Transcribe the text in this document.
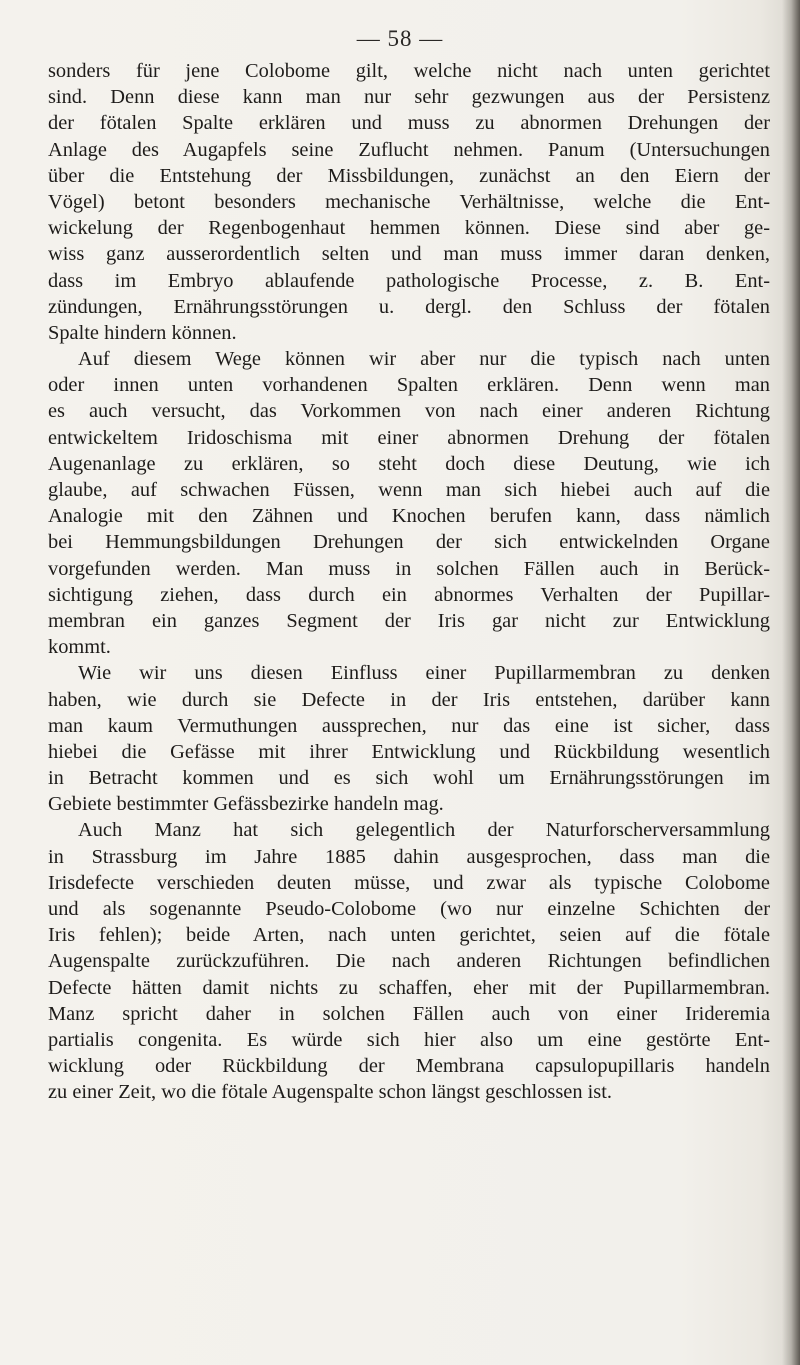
— 58 —
sonders für jene Colobome gilt, welche nicht nach unten gerichtet
sind. Denn diese kann man nur sehr gezwungen aus der Persistenz
der fötalen Spalte erklären und muss zu abnormen Drehungen der
Anlage des Augapfels seine Zuflucht nehmen. Panum (Untersuchungen
über die Entstehung der Missbildungen, zunächst an den Eiern der
Vögel) betont besonders mechanische Verhältnisse, welche die Ent-
wickelung der Regenbogenhaut hemmen können. Diese sind aber ge-
wiss ganz ausserordentlich selten und man muss immer daran denken,
dass im Embryo ablaufende pathologische Processe, z. B. Ent-
zündungen, Ernährungsstörungen u. dergl. den Schluss der fötalen
Spalte hindern können.
Auf diesem Wege können wir aber nur die typisch nach unten
oder innen unten vorhandenen Spalten erklären. Denn wenn man
es auch versucht, das Vorkommen von nach einer anderen Richtung
entwickeltem Iridoschisma mit einer abnormen Drehung der fötalen
Augenanlage zu erklären, so steht doch diese Deutung, wie ich
glaube, auf schwachen Füssen, wenn man sich hiebei auch auf die
Analogie mit den Zähnen und Knochen berufen kann, dass nämlich
bei Hemmungsbildungen Drehungen der sich entwickelnden Organe
vorgefunden werden. Man muss in solchen Fällen auch in Berück-
sichtigung ziehen, dass durch ein abnormes Verhalten der Pupillar-
membran ein ganzes Segment der Iris gar nicht zur Entwicklung
kommt.
Wie wir uns diesen Einfluss einer Pupillarmembran zu denken
haben, wie durch sie Defecte in der Iris entstehen, darüber kann
man kaum Vermuthungen aussprechen, nur das eine ist sicher, dass
hiebei die Gefässe mit ihrer Entwicklung und Rückbildung wesentlich
in Betracht kommen und es sich wohl um Ernährungsstörungen im
Gebiete bestimmter Gefässbezirke handeln mag.
Auch Manz hat sich gelegentlich der Naturforscherversammlung
in Strassburg im Jahre 1885 dahin ausgesprochen, dass man die
Irisdefecte verschieden deuten müsse, und zwar als typische Colobome
und als sogenannte Pseudo-Colobome (wo nur einzelne Schichten der
Iris fehlen); beide Arten, nach unten gerichtet, seien auf die fötale
Augenspalte zurückzuführen. Die nach anderen Richtungen befindlichen
Defecte hätten damit nichts zu schaffen, eher mit der Pupillarmembran.
Manz spricht daher in solchen Fällen auch von einer Irideremia
partialis congenita. Es würde sich hier also um eine gestörte Ent-
wicklung oder Rückbildung der Membrana capsulopupillaris handeln
zu einer Zeit, wo die fötale Augenspalte schon längst geschlossen ist.
